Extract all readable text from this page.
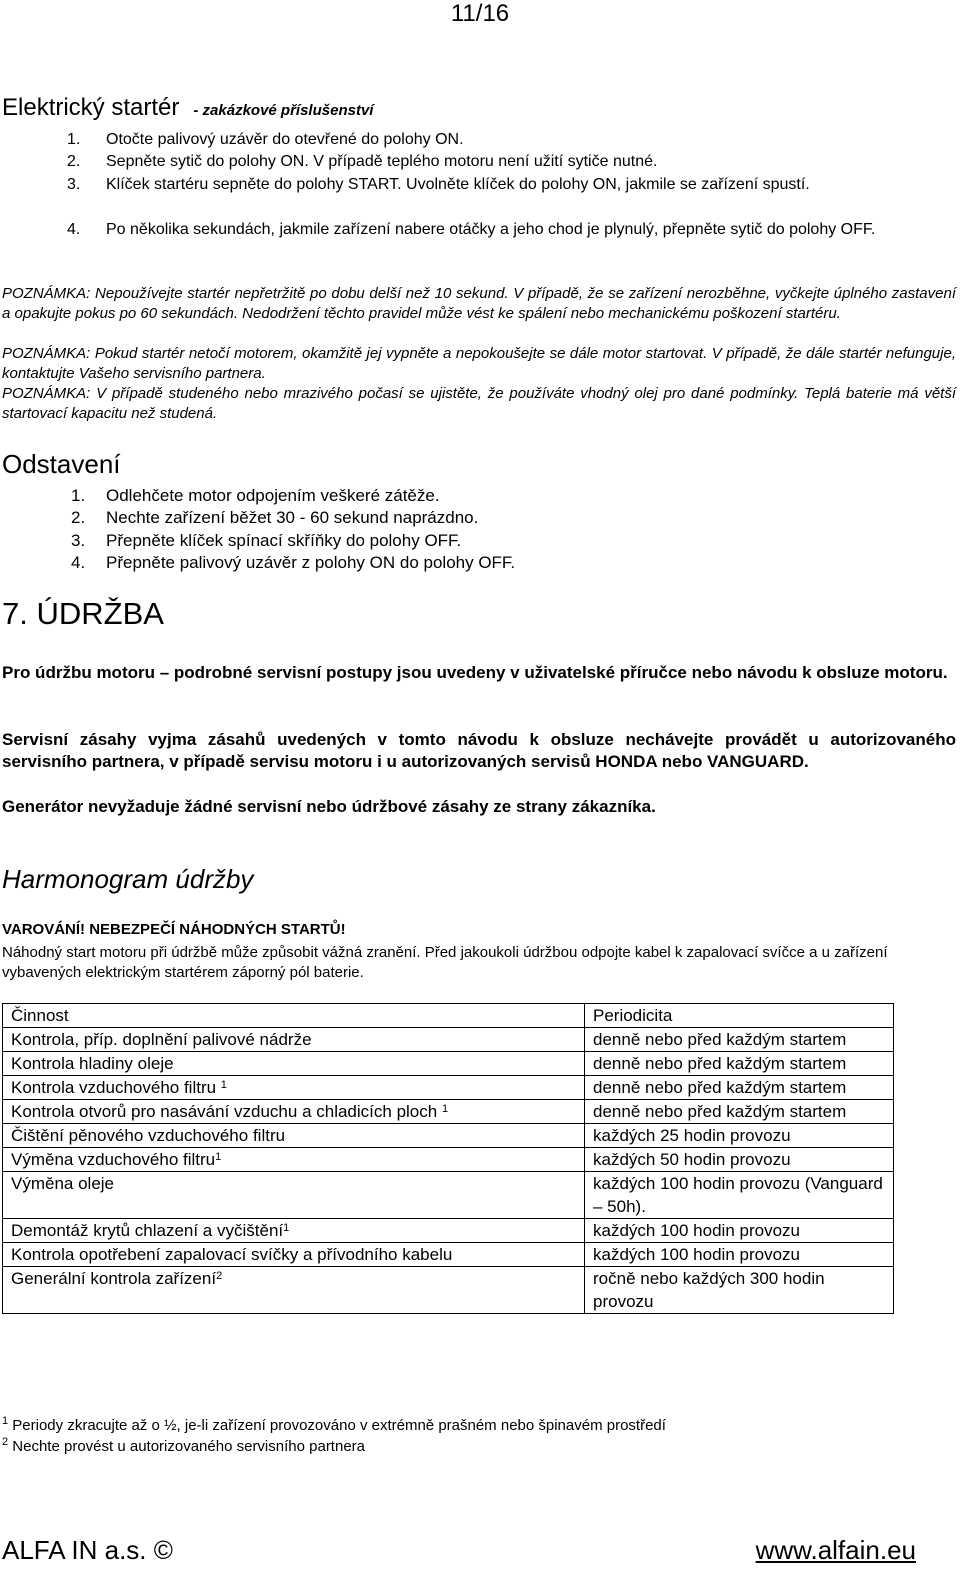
11/16
Elektrický startér - zakázkové příslušenství
1.	Otočte palivový uzávěr do otevřené do polohy ON.
2.	Sepněte sytič do polohy ON. V případě teplého motoru není užití sytiče nutné.
3.	Klíček startéru sepněte do polohy START. Uvolněte klíček do polohy ON, jakmile se zařízení spustí.
4.	Po několika sekundách, jakmile zařízení nabere otáčky a jeho chod je plynulý, přepněte sytič do polohy OFF.
POZNÁMKA: Nepoužívejte startér nepřetržitě po dobu delší než 10 sekund. V případě, že se zařízení nerozběhne, vyčkejte úplného zastavení a opakujte pokus po 60 sekundách. Nedodržení těchto pravidel může vést ke spálení nebo mechanickému poškození startéru.
POZNÁMKA: Pokud startér netočí motorem, okamžitě jej vypněte a nepokoušejte se dále motor startovat. V případě, že dále startér nefunguje, kontaktujte Vašeho servisního partnera.
POZNÁMKA: V případě studeného nebo mrazivého počasí se ujistěte, že používáte vhodný olej pro dané podmínky. Teplá baterie má větší startovací kapacitu než studená.
Odstavení
1. Odlehčete motor odpojením veškeré zátěže.
2. Nechte zařízení běžet 30 - 60 sekund naprázdno.
3. Přepněte klíček spínací skříňky do polohy OFF.
4. Přepněte palivový uzávěr z polohy ON do polohy OFF.
7. ÚDRŽBA
Pro údržbu motoru – podrobné servisní postupy jsou uvedeny v uživatelské příručce nebo návodu k obsluze motoru.
Servisní zásahy vyjma zásahů uvedených v tomto návodu k obsluze nechávejte provádět u autorizovaného servisního partnera, v případě servisu motoru i u autorizovaných servisů HONDA nebo VANGUARD.
Generátor nevyžaduje žádné servisní nebo údržbové zásahy ze strany zákazníka.
Harmonogram údržby
VAROVÁNÍ! NEBEZPEČÍ NÁHODNÝCH STARTŮ!
Náhodný start motoru při údržbě může způsobit vážná zranění. Před jakoukoli údržbou odpojte kabel k zapalovací svíčce a u zařízení vybavených elektrickým startérem záporný pól baterie.
Činnost	Periodicita
Kontrola, příp. doplnění palivové nádrže	denně nebo před každým startem
Kontrola hladiny oleje	denně nebo před každým startem
Kontrola vzduchového filtru $^1$	denně nebo před každým startem
Kontrola otvorů pro nasávání vzduchu a chladicích ploch $^1$	denně nebo před každým startem
Čištění pěnového vzduchového filtru	každých 25 hodin provozu
Výměna vzduchového filtru$^1$	každých 50 hodin provozu
Výměna oleje	každých 100 hodin provozu (Vanguard – 50h).
Demontáž krytů chlazení a vyčištění$^1$	každých 100 hodin provozu
Kontrola opotřebení zapalovací svíčky a přívodního kabelu	každých 100 hodin provozu
Generální kontrola zařízení$^2$	ročně nebo každých 300 hodin provozu
$^1$ Periody zkracujte až o ½, je-li zařízení provozováno v extrémně prašném nebo špinavém prostředí
$^2$ Nechte provést u autorizovaného servisního partnera
ALFA IN a.s. ©	www.alfain.eu
